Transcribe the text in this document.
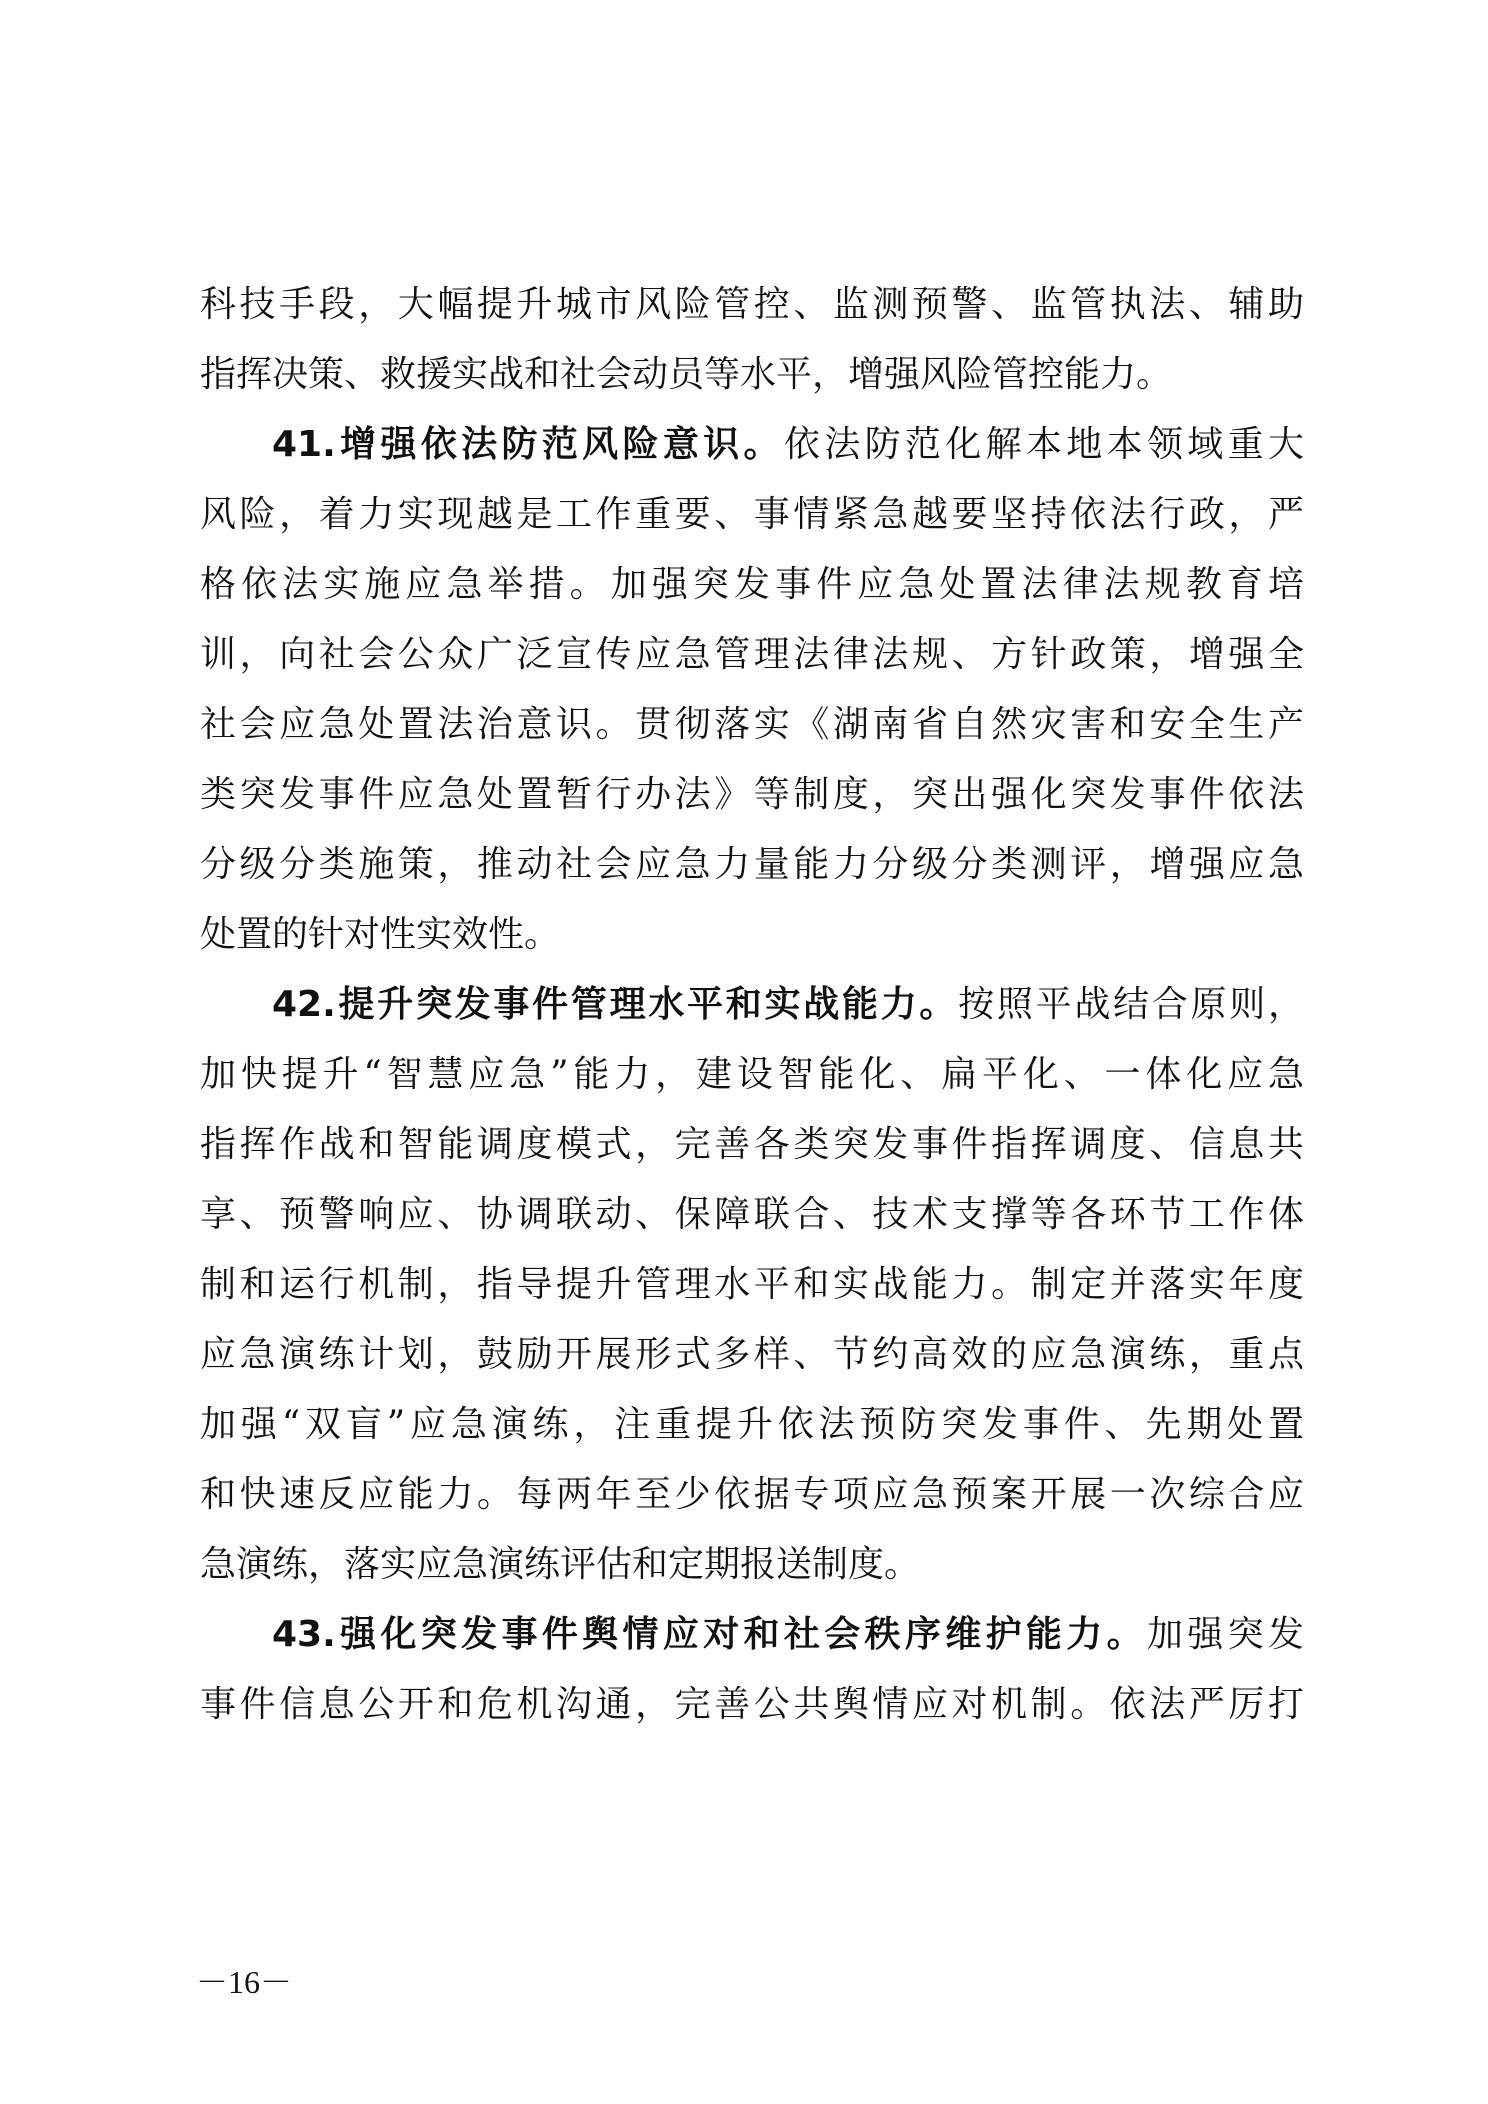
科技手段，大幅提升城市风险管控、监测预警、监管执法、辅助
指挥决策、救援实战和社会动员等水平，增强风险管控能力。
41.增强依法防范风险意识。依法防范化解本地本领域重大
风险，着力实现越是工作重要、事情紧急越要坚持依法行政，严
格依法实施应急举措。加强突发事件应急处置法律法规教育培
训，向社会公众广泛宣传应急管理法律法规、方针政策，增强全
社会应急处置法治意识。贯彻落实《湖南省自然灾害和安全生产
类突发事件应急处置暂行办法》等制度，突出强化突发事件依法
分级分类施策，推动社会应急力量能力分级分类测评，增强应急
处置的针对性实效性。
42.提升突发事件管理水平和实战能力。按照平战结合原则，
加快提升“智慧应急”能力，建设智能化、扁平化、一体化应急
指挥作战和智能调度模式，完善各类突发事件指挥调度、信息共
享、预警响应、协调联动、保障联合、技术支撑等各环节工作体
制和运行机制，指导提升管理水平和实战能力。制定并落实年度
应急演练计划，鼓励开展形式多样、节约高效的应急演练，重点
加强“双盲”应急演练，注重提升依法预防突发事件、先期处置
和快速反应能力。每两年至少依据专项应急预案开展一次综合应
急演练，落实应急演练评估和定期报送制度。
43.强化突发事件舆情应对和社会秩序维护能力。加强突发
事件信息公开和危机沟通，完善公共舆情应对机制。依法严厉打
－16－
